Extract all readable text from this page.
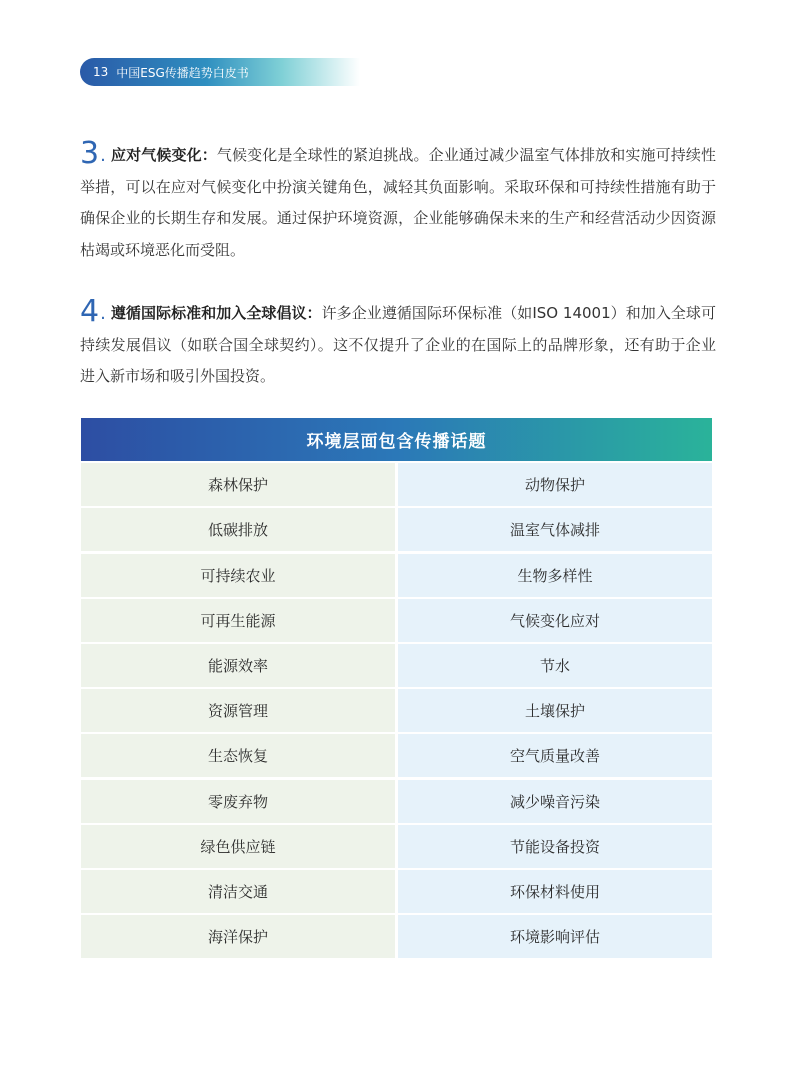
13 中国ESG传播趋势白皮书
3. 应对气候变化：气候变化是全球性的紧迫挑战。企业通过减少温室气体排放和实施可持续性举措，可以在应对气候变化中扮演关键角色，减轻其负面影响。采取环保和可持续性措施有助于确保企业的长期生存和发展。通过保护环境资源，企业能够确保未来的生产和经营活动少因资源枯竭或环境恶化而受阻。
4. 遵循国际标准和加入全球倡议：许多企业遵循国际环保标准（如ISO 14001）和加入全球可持续发展倡议（如联合国全球契约）。这不仅提升了企业的在国际上的品牌形象，还有助于企业进入新市场和吸引外国投资。
环境层面包含传播话题
森林保护	动物保护
低碳排放	温室气体减排
可持续农业	生物多样性
可再生能源	气候变化应对
能源效率	节水
资源管理	土壤保护
生态恢复	空气质量改善
零废弃物	减少噪音污染
绿色供应链	节能设备投资
清洁交通	环保材料使用
海洋保护	环境影响评估
